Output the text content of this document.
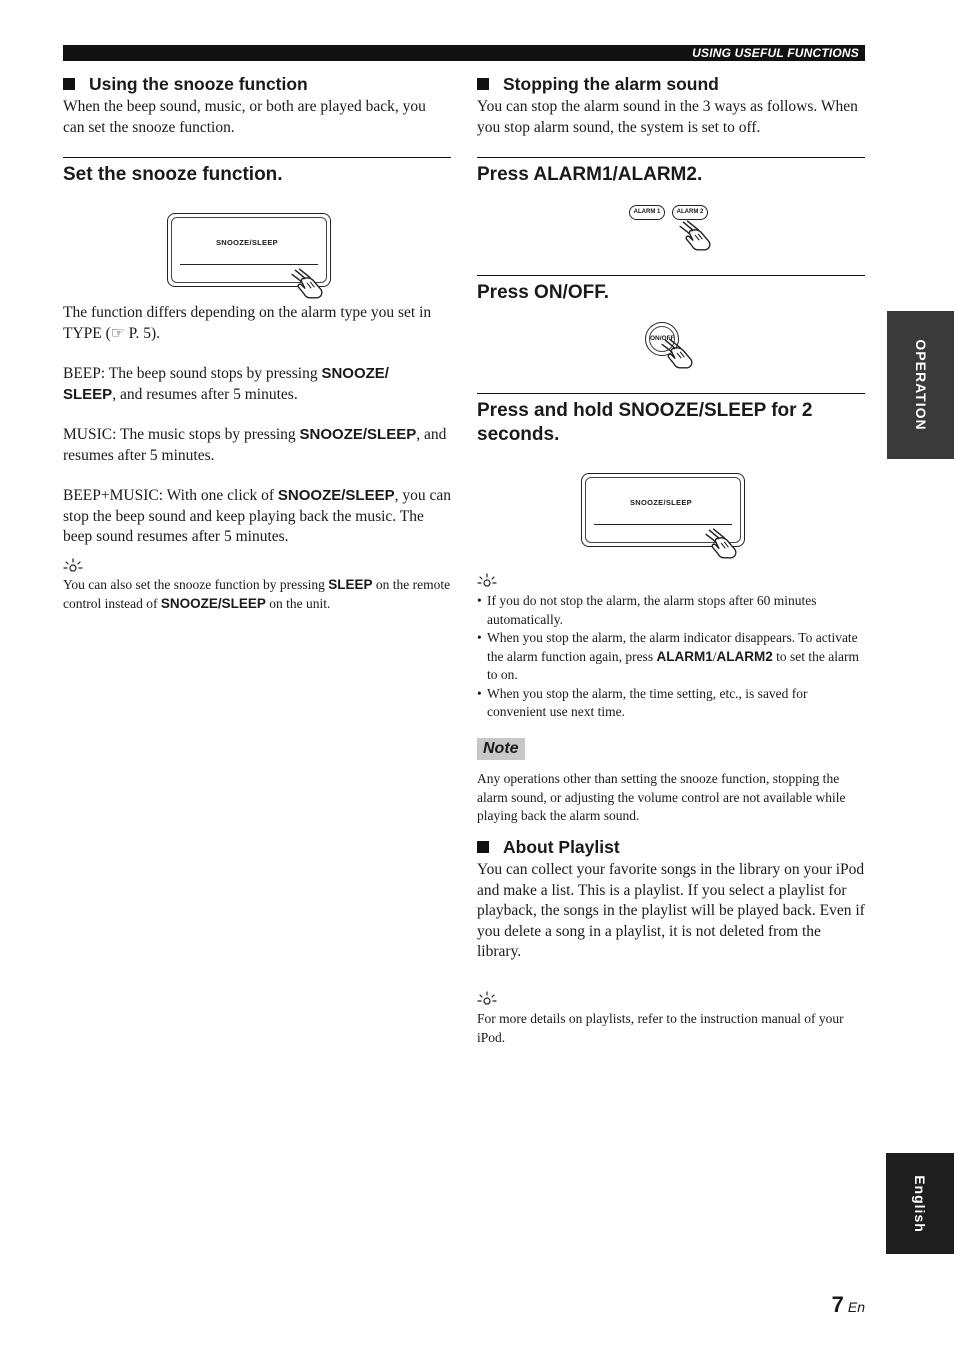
USING USEFUL FUNCTIONS
Using the snooze function
When the beep sound, music, or both are played back, you can set the snooze function.
Set the snooze function.
SNOOZE/SLEEP
The function differs depending on the alarm type you set in TYPE (☞ P. 5).
BEEP: The beep sound stops by pressing SNOOZE/
SLEEP, and resumes after 5 minutes.
MUSIC: The music stops by pressing SNOOZE/SLEEP, and resumes after 5 minutes.
BEEP+MUSIC: With one click of SNOOZE/SLEEP, you can stop the beep sound and keep playing back the music. The beep sound resumes after 5 minutes.
You can also set the snooze function by pressing SLEEP on the remote control instead of SNOOZE/SLEEP on the unit.
Stopping the alarm sound
You can stop the alarm sound in the 3 ways as follows. When you stop alarm sound, the system is set to off.
Press ALARM1/ALARM2.
ALARM 1	ALARM 2
Press ON/OFF.
ON/OFF
Press and hold SNOOZE/SLEEP for 2 seconds.
SNOOZE/SLEEP
• If you do not stop the alarm, the alarm stops after 60 minutes automatically.
• When you stop the alarm, the alarm indicator disappears. To activate the alarm function again, press ALARM1/ALARM2 to set the alarm to on.
• When you stop the alarm, the time setting, etc., is saved for convenient use next time.
Note
Any operations other than setting the snooze function, stopping the alarm sound, or adjusting the volume control are not available while playing back the alarm sound.
About Playlist
You can collect your favorite songs in the library on your iPod and make a list. This is a playlist. If you select a playlist for playback, the songs in the playlist will be played back. Even if you delete a song in a playlist, it is not deleted from the library.
For more details on playlists, refer to the instruction manual of your iPod.
OPERATION
English
7 En
